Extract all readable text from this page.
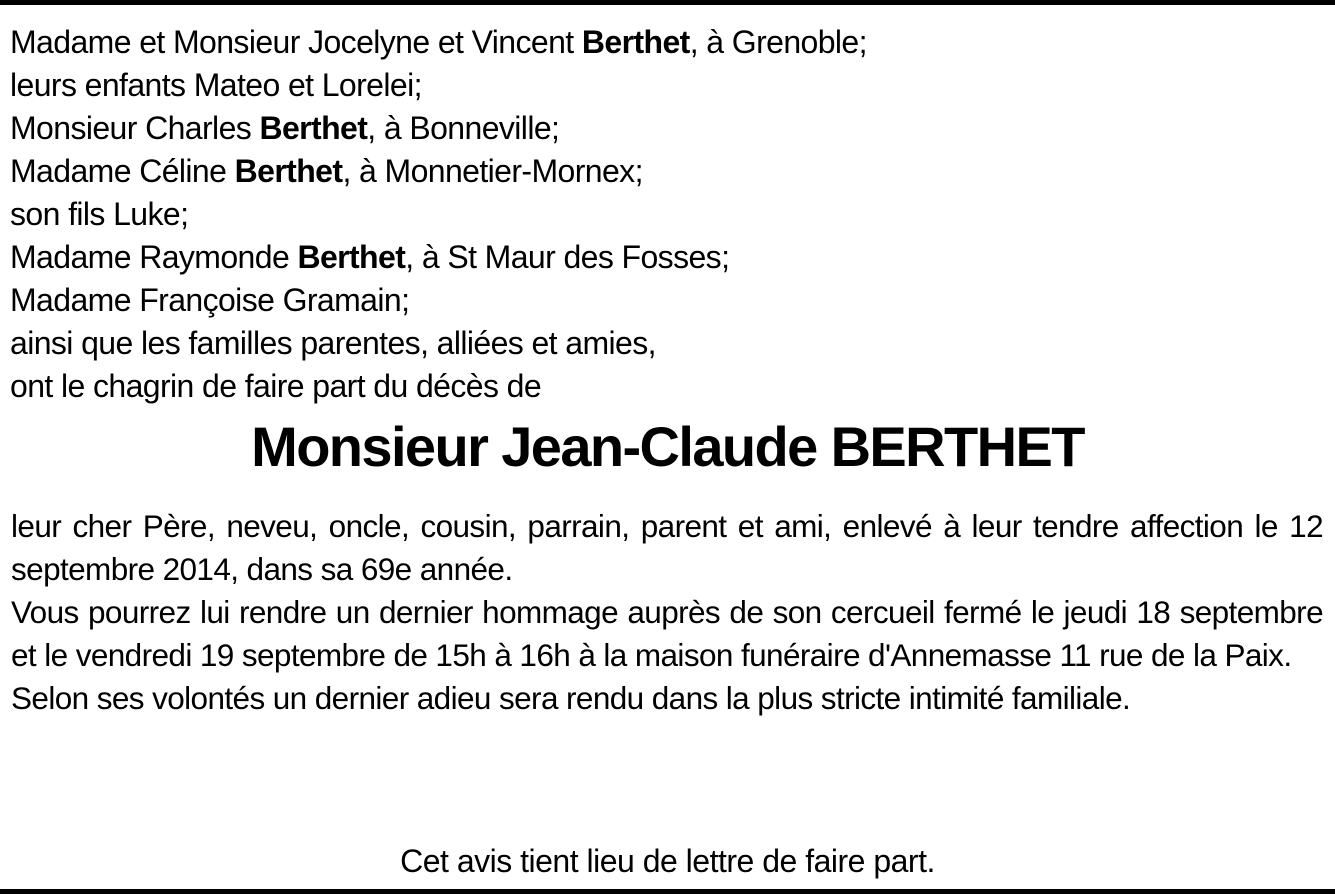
Madame et Monsieur Jocelyne et Vincent Berthet, à Grenoble;
leurs enfants Mateo et Lorelei;
Monsieur Charles Berthet, à Bonneville;
Madame Céline Berthet, à Monnetier-Mornex;
son fils Luke;
Madame Raymonde Berthet, à St Maur des Fosses;
Madame Françoise Gramain;
ainsi que les familles parentes, alliées et amies,
ont le chagrin de faire part du décès de
Monsieur Jean-Claude BERTHET

leur cher Père, neveu, oncle, cousin, parrain, parent et ami, enlevé à leur tendre affection le 12 septembre 2014, dans sa 69e année.

Vous pourrez lui rendre un dernier hommage auprès de son cercueil fermé le jeudi 18 septembre et le vendredi 19 septembre de 15h à 16h à la maison funéraire d'Annemasse 11 rue de la Paix.

Selon ses volontés un dernier adieu sera rendu dans la plus stricte intimité familiale.

Cet avis tient lieu de lettre de faire part.
